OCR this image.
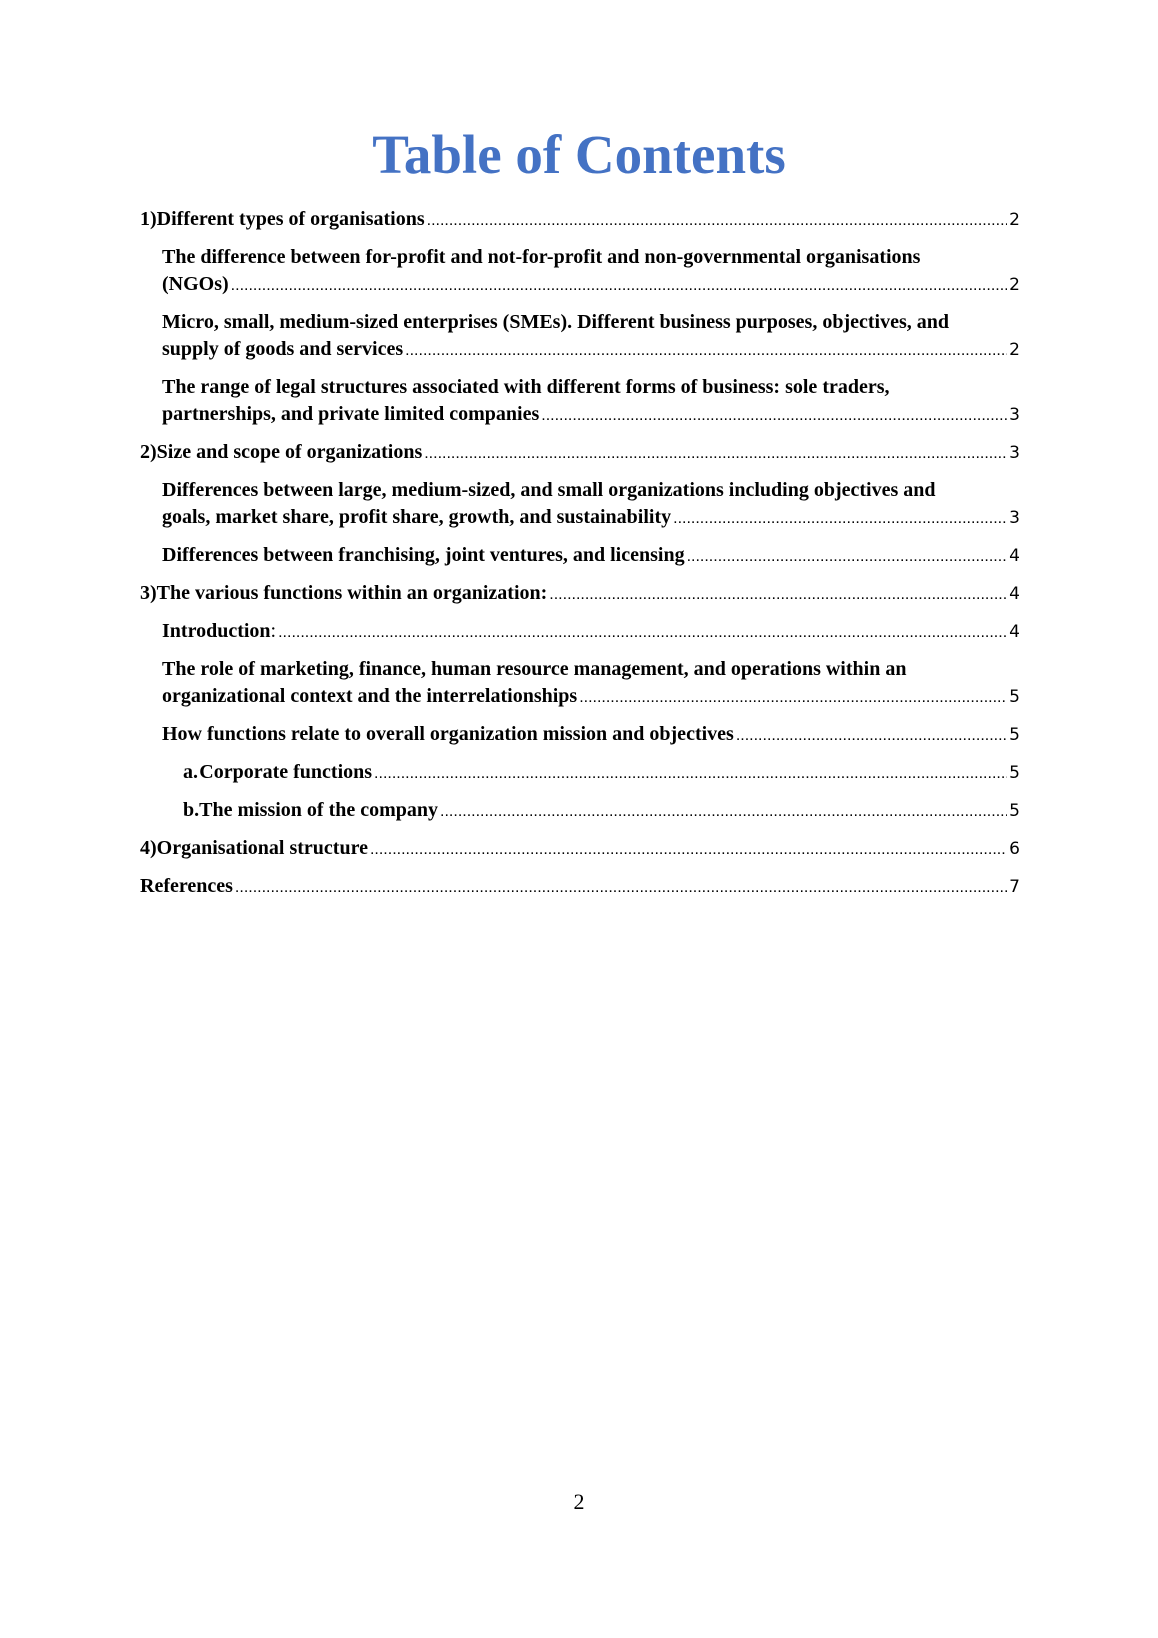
Table of Contents
1) Different types of organisations .....	2
The difference between for-profit and not-for-profit and non-governmental organisations
(NGOs) .....	2
Micro, small, medium-sized enterprises (SMEs). Different business purposes, objectives, and
supply of goods and services .....	2
The range of legal structures associated with different forms of business: sole traders,
partnerships, and private limited companies .....	3
2) Size and scope of organizations .....	3
Differences between large, medium-sized, and small organizations including objectives and
goals, market share, profit share, growth, and sustainability .....	3
Differences between franchising, joint ventures, and licensing .....	4
3) The various functions within an organization: .....	4
Introduction: .....	4
The role of marketing, finance, human resource management, and operations within an
organizational context and the interrelationships .....	5
How functions relate to overall organization mission and objectives .....	5
a. Corporate functions .....	5
b. The mission of the company .....	5
4) Organisational structure .....	6
References .....	7
2
